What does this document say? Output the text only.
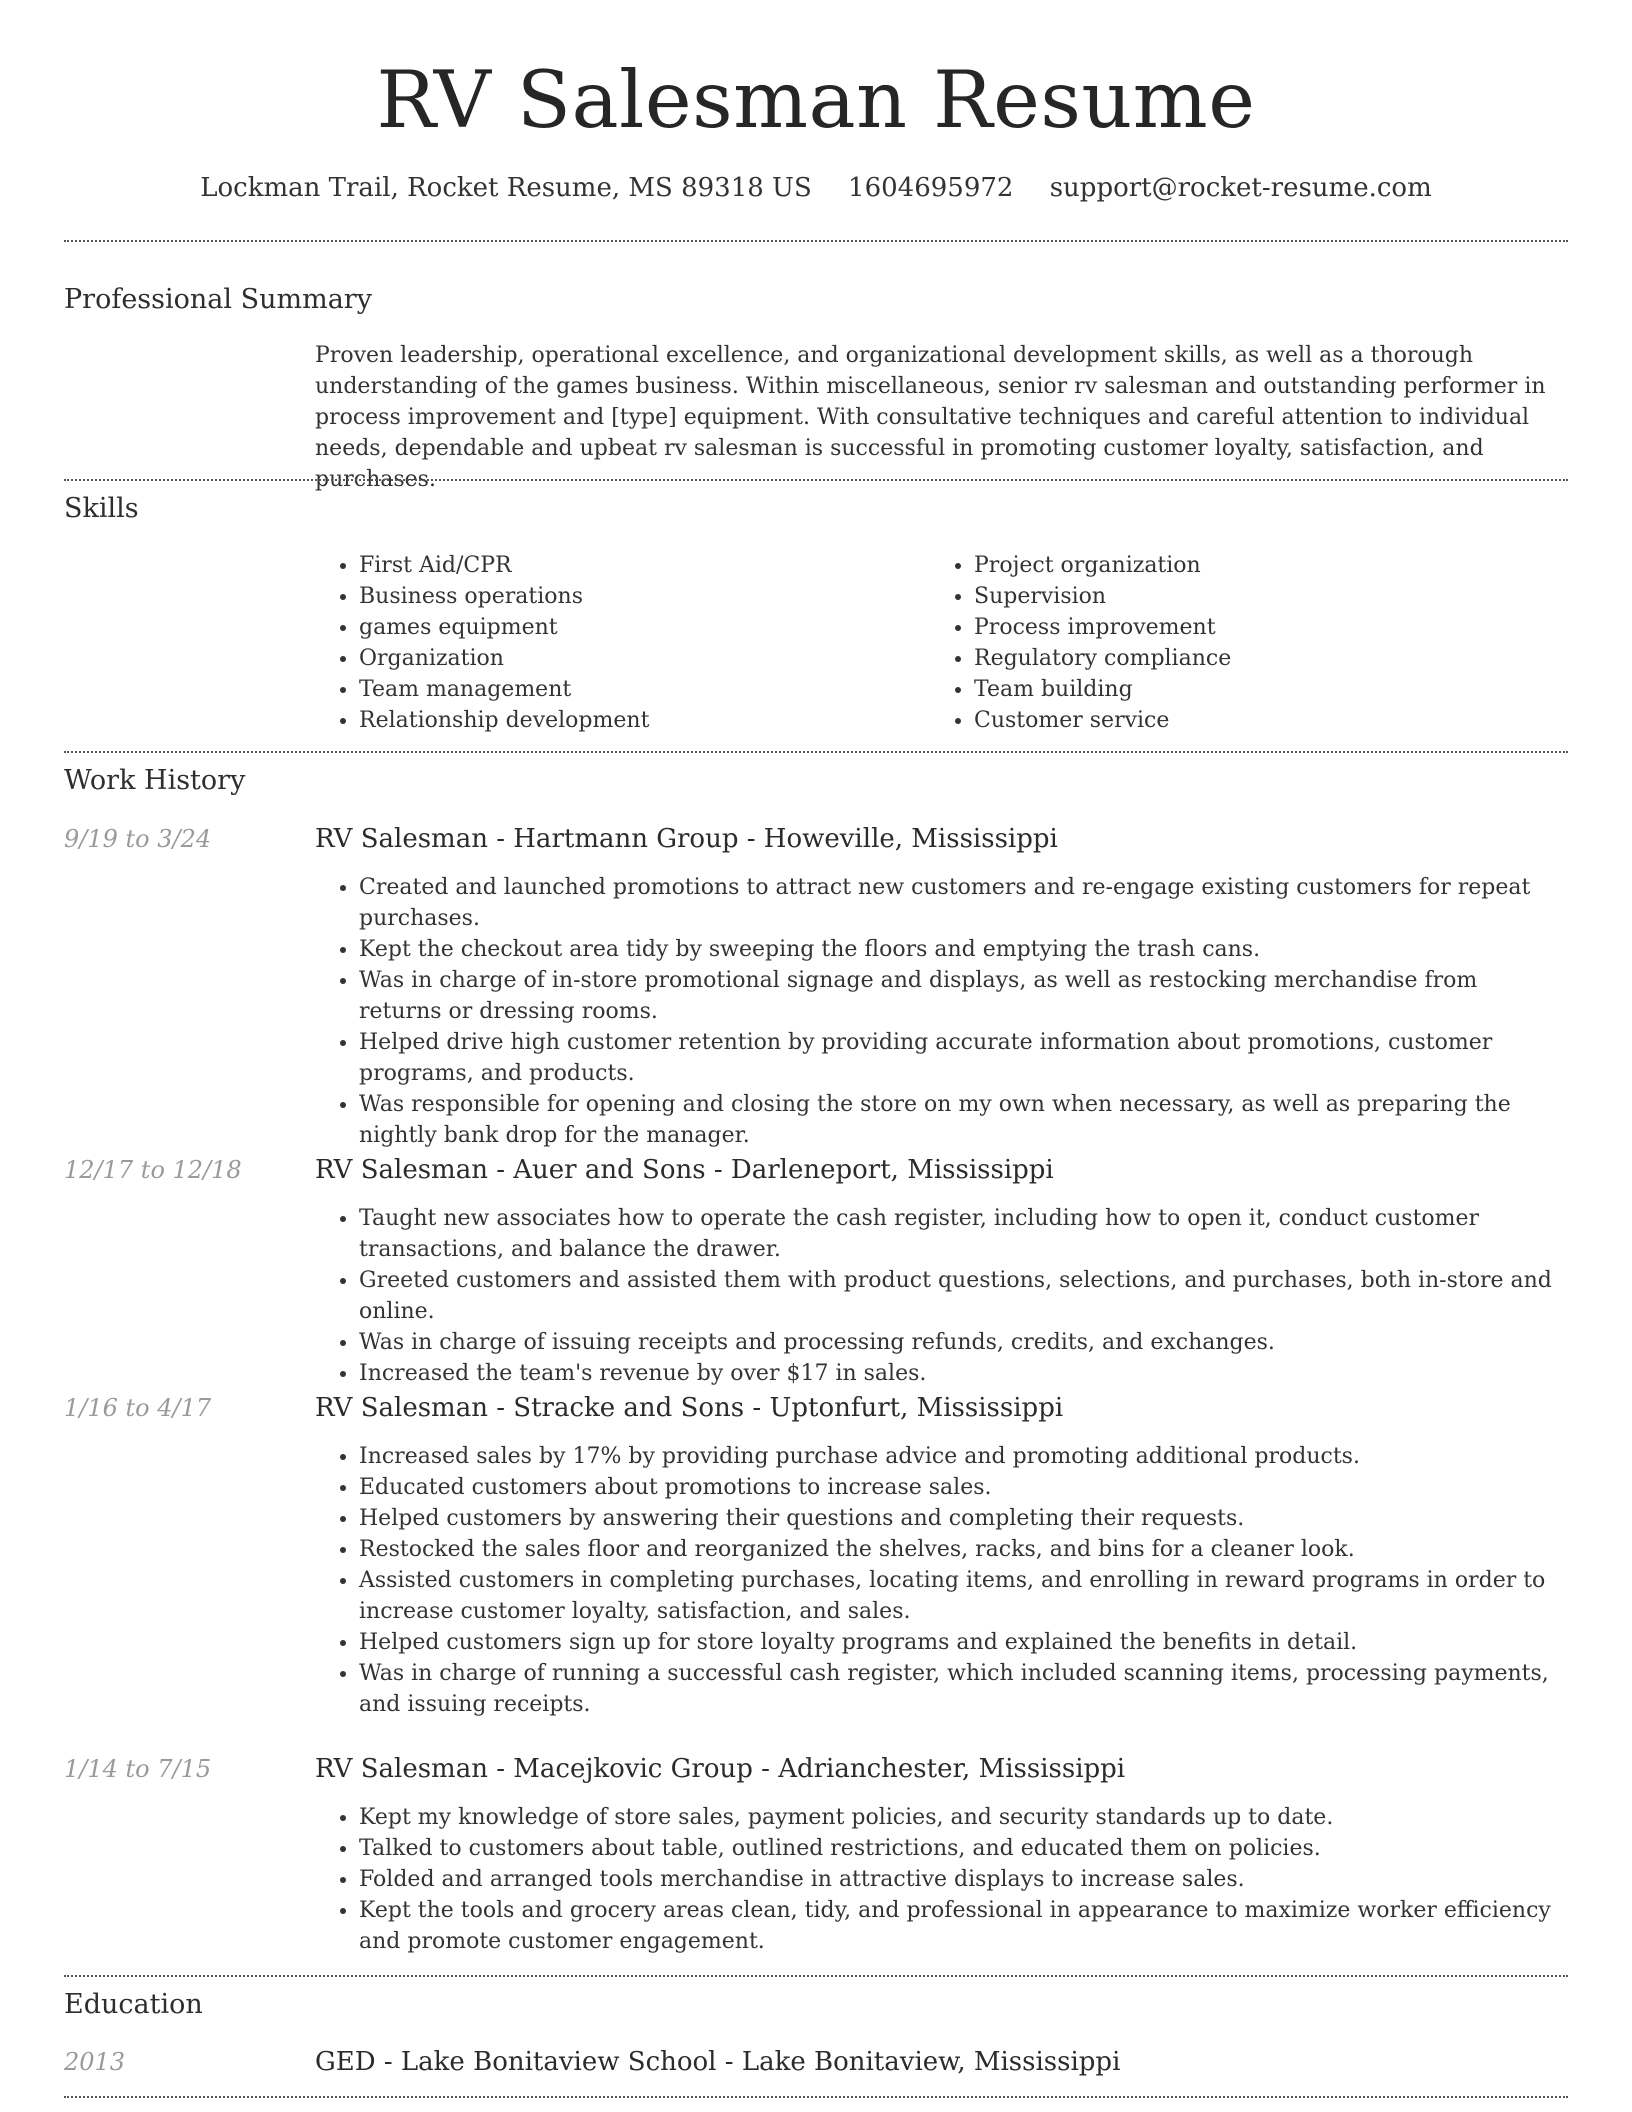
RV Salesman Resume
Lockman Trail, Rocket Resume, MS 89318 US 1604695972 support@rocket-resume.com
Professional Summary
Proven leadership, operational excellence, and organizational development skills, as well as a thorough understanding of the games business. Within miscellaneous, senior rv salesman and outstanding performer in process improvement and [type] equipment. With consultative techniques and careful attention to individual needs, dependable and upbeat rv salesman is successful in promoting customer loyalty, satisfaction, and purchases.
Skills
• First Aid/CPR
• Business operations
• games equipment
• Organization
• Team management
• Relationship development
• Project organization
• Supervision
• Process improvement
• Regulatory compliance
• Team building
• Customer service
Work History
9/19 to 3/24	RV Salesman - Hartmann Group - Howeville, Mississippi
• Created and launched promotions to attract new customers and re-engage existing customers for repeat purchases.
• Kept the checkout area tidy by sweeping the floors and emptying the trash cans.
• Was in charge of in-store promotional signage and displays, as well as restocking merchandise from returns or dressing rooms.
• Helped drive high customer retention by providing accurate information about promotions, customer programs, and products.
• Was responsible for opening and closing the store on my own when necessary, as well as preparing the nightly bank drop for the manager.
12/17 to 12/18	RV Salesman - Auer and Sons - Darleneport, Mississippi
• Taught new associates how to operate the cash register, including how to open it, conduct customer transactions, and balance the drawer.
• Greeted customers and assisted them with product questions, selections, and purchases, both in-store and online.
• Was in charge of issuing receipts and processing refunds, credits, and exchanges.
• Increased the team's revenue by over $17 in sales.
1/16 to 4/17	RV Salesman - Stracke and Sons - Uptonfurt, Mississippi
• Increased sales by 17% by providing purchase advice and promoting additional products.
• Educated customers about promotions to increase sales.
• Helped customers by answering their questions and completing their requests.
• Restocked the sales floor and reorganized the shelves, racks, and bins for a cleaner look.
• Assisted customers in completing purchases, locating items, and enrolling in reward programs in order to increase customer loyalty, satisfaction, and sales.
• Helped customers sign up for store loyalty programs and explained the benefits in detail.
• Was in charge of running a successful cash register, which included scanning items, processing payments, and issuing receipts.
1/14 to 7/15	RV Salesman - Macejkovic Group - Adrianchester, Mississippi
• Kept my knowledge of store sales, payment policies, and security standards up to date.
• Talked to customers about table, outlined restrictions, and educated them on policies.
• Folded and arranged tools merchandise in attractive displays to increase sales.
• Kept the tools and grocery areas clean, tidy, and professional in appearance to maximize worker efficiency and promote customer engagement.
Education
2013	GED - Lake Bonitaview School - Lake Bonitaview, Mississippi
